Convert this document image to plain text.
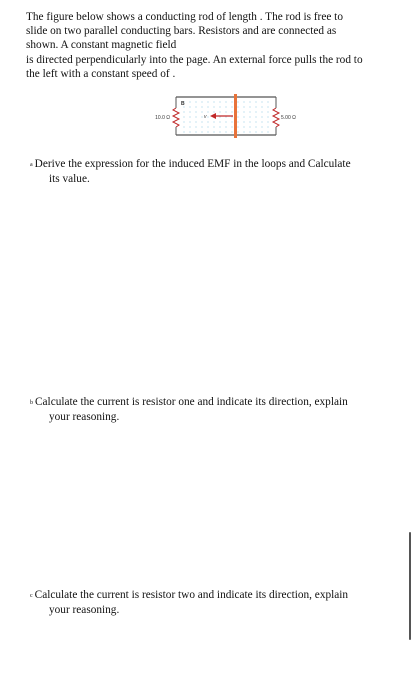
The figure below shows a conducting rod of length . The rod is free to

slide on two parallel conducting bars. Resistors and are connected as

shown. A constant magnetic field

is directed perpendicularly into the page. An external force pulls the rod to

the left with a constant speed of .

v
B
10.0 Ω	5.00 Ω
a Derive the expression for the induced EMF in the loops and Calculate
its value.
b Calculate the current is resistor one and indicate its direction, explain
your reasoning.
c Calculate the current is resistor two and indicate its direction, explain
your reasoning.
